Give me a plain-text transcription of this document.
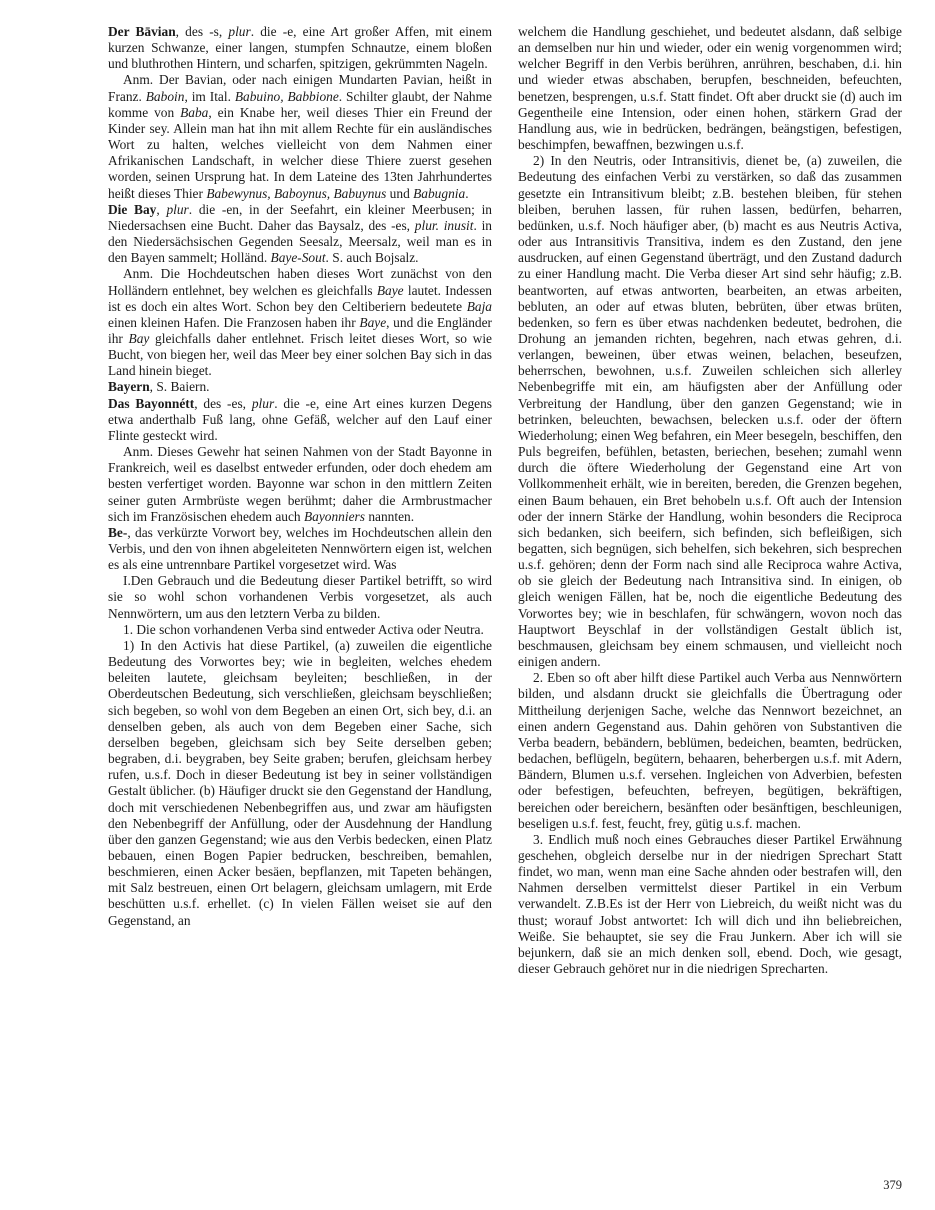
Der Bāvian, des -s, plur. die -e, eine Art großer Affen, mit einem kurzen Schwanze, einer langen, stumpfen Schnautze, einem bloßen und bluthrothen Hintern, und scharfen, spitzigen, gekrümmten Nageln.

Anm. Der Bavian, oder nach einigen Mundarten Pavian, heißt in Franz. Baboin, im Ital. Babuino, Babbione. Schilter glaubt, der Nahme komme von Baba, ein Knabe her, weil dieses Thier ein Freund der Kinder sey. Allein man hat ihn mit allem Rechte für ein ausländisches Wort zu halten, welches vielleicht von dem Nahmen einer Afrikanischen Landschaft, in welcher diese Thiere zuerst gesehen worden, seinen Ursprung hat. In dem Lateine des 13ten Jahrhundertes heißt dieses Thier Babewynus, Baboynus, Babuynus und Babugnia.

Die Bay, plur. die -en, in der Seefahrt, ein kleiner Meerbusen; in Niedersachsen eine Bucht. Daher das Baysalz, des -es, plur. inusit. in den Niedersächsischen Gegenden Seesalz, Meersalz, weil man es in den Bayen sammelt; Holländ. Baye-Sout. S. auch Bojsalz.

Anm. Die Hochdeutschen haben dieses Wort zunächst von den Holländern entlehnet, bey welchen es gleichfalls Baye lautet. Indessen ist es doch ein altes Wort. Schon bey den Celtiberiern bedeutete Baja einen kleinen Hafen. Die Franzosen haben ihr Baye, und die Engländer ihr Bay gleichfalls daher entlehnet. Frisch leitet dieses Wort, so wie Bucht, von biegen her, weil das Meer bey einer solchen Bay sich in das Land hinein bieget.

Bayern, S. Baiern.

Das Bayonnétt, des -es, plur. die -e, eine Art eines kurzen Degens etwa anderthalb Fuß lang, ohne Gefäß, welcher auf den Lauf einer Flinte gesteckt wird.

Anm. Dieses Gewehr hat seinen Nahmen von der Stadt Bayonne in Frankreich, weil es daselbst entweder erfunden, oder doch ehedem am besten verfertiget worden. Bayonne war schon in den mittlern Zeiten seiner guten Armbrüste wegen berühmt; daher die Armbrustmacher sich im Französischen ehedem auch Bayonniers nannten.

Be-, das verkürzte Vorwort bey, welches im Hochdeutschen allein den Verbis, und den von ihnen abgeleiteten Nennwörtern eigen ist, welchen es als eine untrennbare Partikel vorgesetzet wird. Was

I.Den Gebrauch und die Bedeutung dieser Partikel betrifft, so wird sie so wohl schon vorhandenen Verbis vorgesetzet, als auch Nennwörtern, um aus den letztern Verba zu bilden.

1. Die schon vorhandenen Verba sind entweder Activa oder Neutra.

1) In den Activis hat diese Partikel, (a) zuweilen die eigentliche Bedeutung des Vorwortes bey; wie in begleiten, welches ehedem beleiten lautete, gleichsam beyleiten; beschließen, in der Oberdeutschen Bedeutung, sich verschließen, gleichsam beyschließen; sich begeben, so wohl von dem Begeben an einen Ort, sich bey, d.i. an denselben geben, als auch von dem Begeben einer Sache, sich derselben begeben, gleichsam sich bey Seite derselben geben; begraben, d.i. beygraben, bey Seite graben; berufen, gleichsam herbey rufen, u.s.f. Doch in dieser Bedeutung ist bey in seiner vollständigen Gestalt üblicher. (b) Häufiger druckt sie den Gegenstand der Handlung, doch mit verschiedenen Nebenbegriffen aus, und zwar am häufigsten den Nebenbegriff der Anfüllung, oder der Ausdehnung der Handlung über den ganzen Gegenstand; wie aus den Verbis bedecken, einen Platz bebauen, einen Bogen Papier bedrucken, beschreiben, bemahlen, beschmieren, einen Acker besäen, bepflanzen, mit Tapeten behängen, mit Salz bestreuen, einen Ort belagern, gleichsam umlagern, mit Erde beschütten u.s.f. erhellet. (c) In vielen Fällen weiset sie auf den Gegenstand, an

welchem die Handlung geschiehet, und bedeutet alsdann, daß selbige an demselben nur hin und wieder, oder ein wenig vorgenommen wird; welcher Begriff in den Verbis berühren, anrühren, beschaben, d.i. hin und wieder etwas abschaben, berupfen, beschneiden, befeuchten, benetzen, besprengen, u.s.f. Statt findet. Oft aber druckt sie (d) auch im Gegentheile eine Intension, oder einen hohen, stärkern Grad der Handlung aus, wie in bedrücken, bedrängen, beängstigen, befestigen, beschimpfen, bewaffnen, bezwingen u.s.f.

2) In den Neutris, oder Intransitivis, dienet be, (a) zuweilen, die Bedeutung des einfachen Verbi zu verstärken, so daß das zusammen gesetzte ein Intransitivum bleibt; z.B. bestehen bleiben, für stehen bleiben, beruhen lassen, für ruhen lassen, bedürfen, beharren, bedünken, u.s.f. Noch häufiger aber, (b) macht es aus Neutris Activa, oder aus Intransitivis Transitiva, indem es den Zustand, den jene ausdrucken, auf einen Gegenstand überträgt, und den Zustand dadurch zu einer Handlung macht. Die Verba dieser Art sind sehr häufig; z.B. beantworten, auf etwas antworten, bearbeiten, an etwas arbeiten, bebluten, an oder auf etwas bluten, bebrüten, über etwas brüten, bedenken, so fern es über etwas nachdenken bedeutet, bedrohen, die Drohung an jemanden richten, begehren, nach etwas gehren, d.i. verlangen, beweinen, über etwas weinen, belachen, beseufzen, beherrschen, bewohnen, u.s.f. Zuweilen schleichen sich allerley Nebenbegriffe mit ein, am häufigsten aber der Anfüllung oder Verbreitung der Handlung, über den ganzen Gegenstand; wie in betrinken, beleuchten, bewachsen, belecken u.s.f. oder der öftern Wiederholung; einen Weg befahren, ein Meer besegeln, beschiffen, den Puls begreifen, befühlen, betasten, beriechen, besehen; zumahl wenn durch die öftere Wiederholung der Gegenstand eine Art von Vollkommenheit erhält, wie in bereiten, bereden, die Grenzen begehen, einen Baum behauen, ein Bret behobeln u.s.f. Oft auch der Intension oder der innern Stärke der Handlung, wohin besonders die Reciproca sich bedanken, sich beeifern, sich befinden, sich befleißigen, sich begatten, sich begnügen, sich behelfen, sich bekehren, sich besprechen u.s.f. gehören; denn der Form nach sind alle Reciproca wahre Activa, ob sie gleich der Bedeutung nach Intransitiva sind. In einigen, ob gleich wenigen Fällen, hat be, noch die eigentliche Bedeutung des Vorwortes bey; wie in beschlafen, für schwängern, wovon noch das Hauptwort Beyschlaf in der vollständigen Gestalt üblich ist, beschmausen, gleichsam bey einem schmausen, und vielleicht noch einigen andern.

2. Eben so oft aber hilft diese Partikel auch Verba aus Nennwörtern bilden, und alsdann druckt sie gleichfalls die Übertragung oder Mittheilung derjenigen Sache, welche das Nennwort bezeichnet, an einen andern Gegenstand aus. Dahin gehören von Substantiven die Verba beadern, bebändern, beblümen, bedeichen, beamten, bedrücken, bedachen, beflügeln, begütern, behaaren, beherbergen u.s.f. mit Adern, Bändern, Blumen u.s.f. versehen. Ingleichen von Adverbien, befesten oder befestigen, befeuchten, befreyen, begütigen, bekräftigen, bereichen oder bereichern, besänften oder besänftigen, beschleunigen, beseligen u.s.f. fest, feucht, frey, gütig u.s.f. machen.

3. Endlich muß noch eines Gebrauches dieser Partikel Erwähnung geschehen, obgleich derselbe nur in der niedrigen Sprechart Statt findet, wo man, wenn man eine Sache ahnden oder bestrafen will, den Nahmen derselben vermittelst dieser Partikel in ein Verbum verwandelt. Z.B.Es ist der Herr von Liebreich, du weißt nicht was du thust; worauf Jobst antwortet: Ich will dich und ihn beliebreichen, Weiße. Sie behauptet, sie sey die Frau Junkern. Aber ich will sie bejunkern, daß sie an mich denken soll, ebend. Doch, wie gesagt, dieser Gebrauch gehöret nur in die niedrigen Sprecharten.

379
